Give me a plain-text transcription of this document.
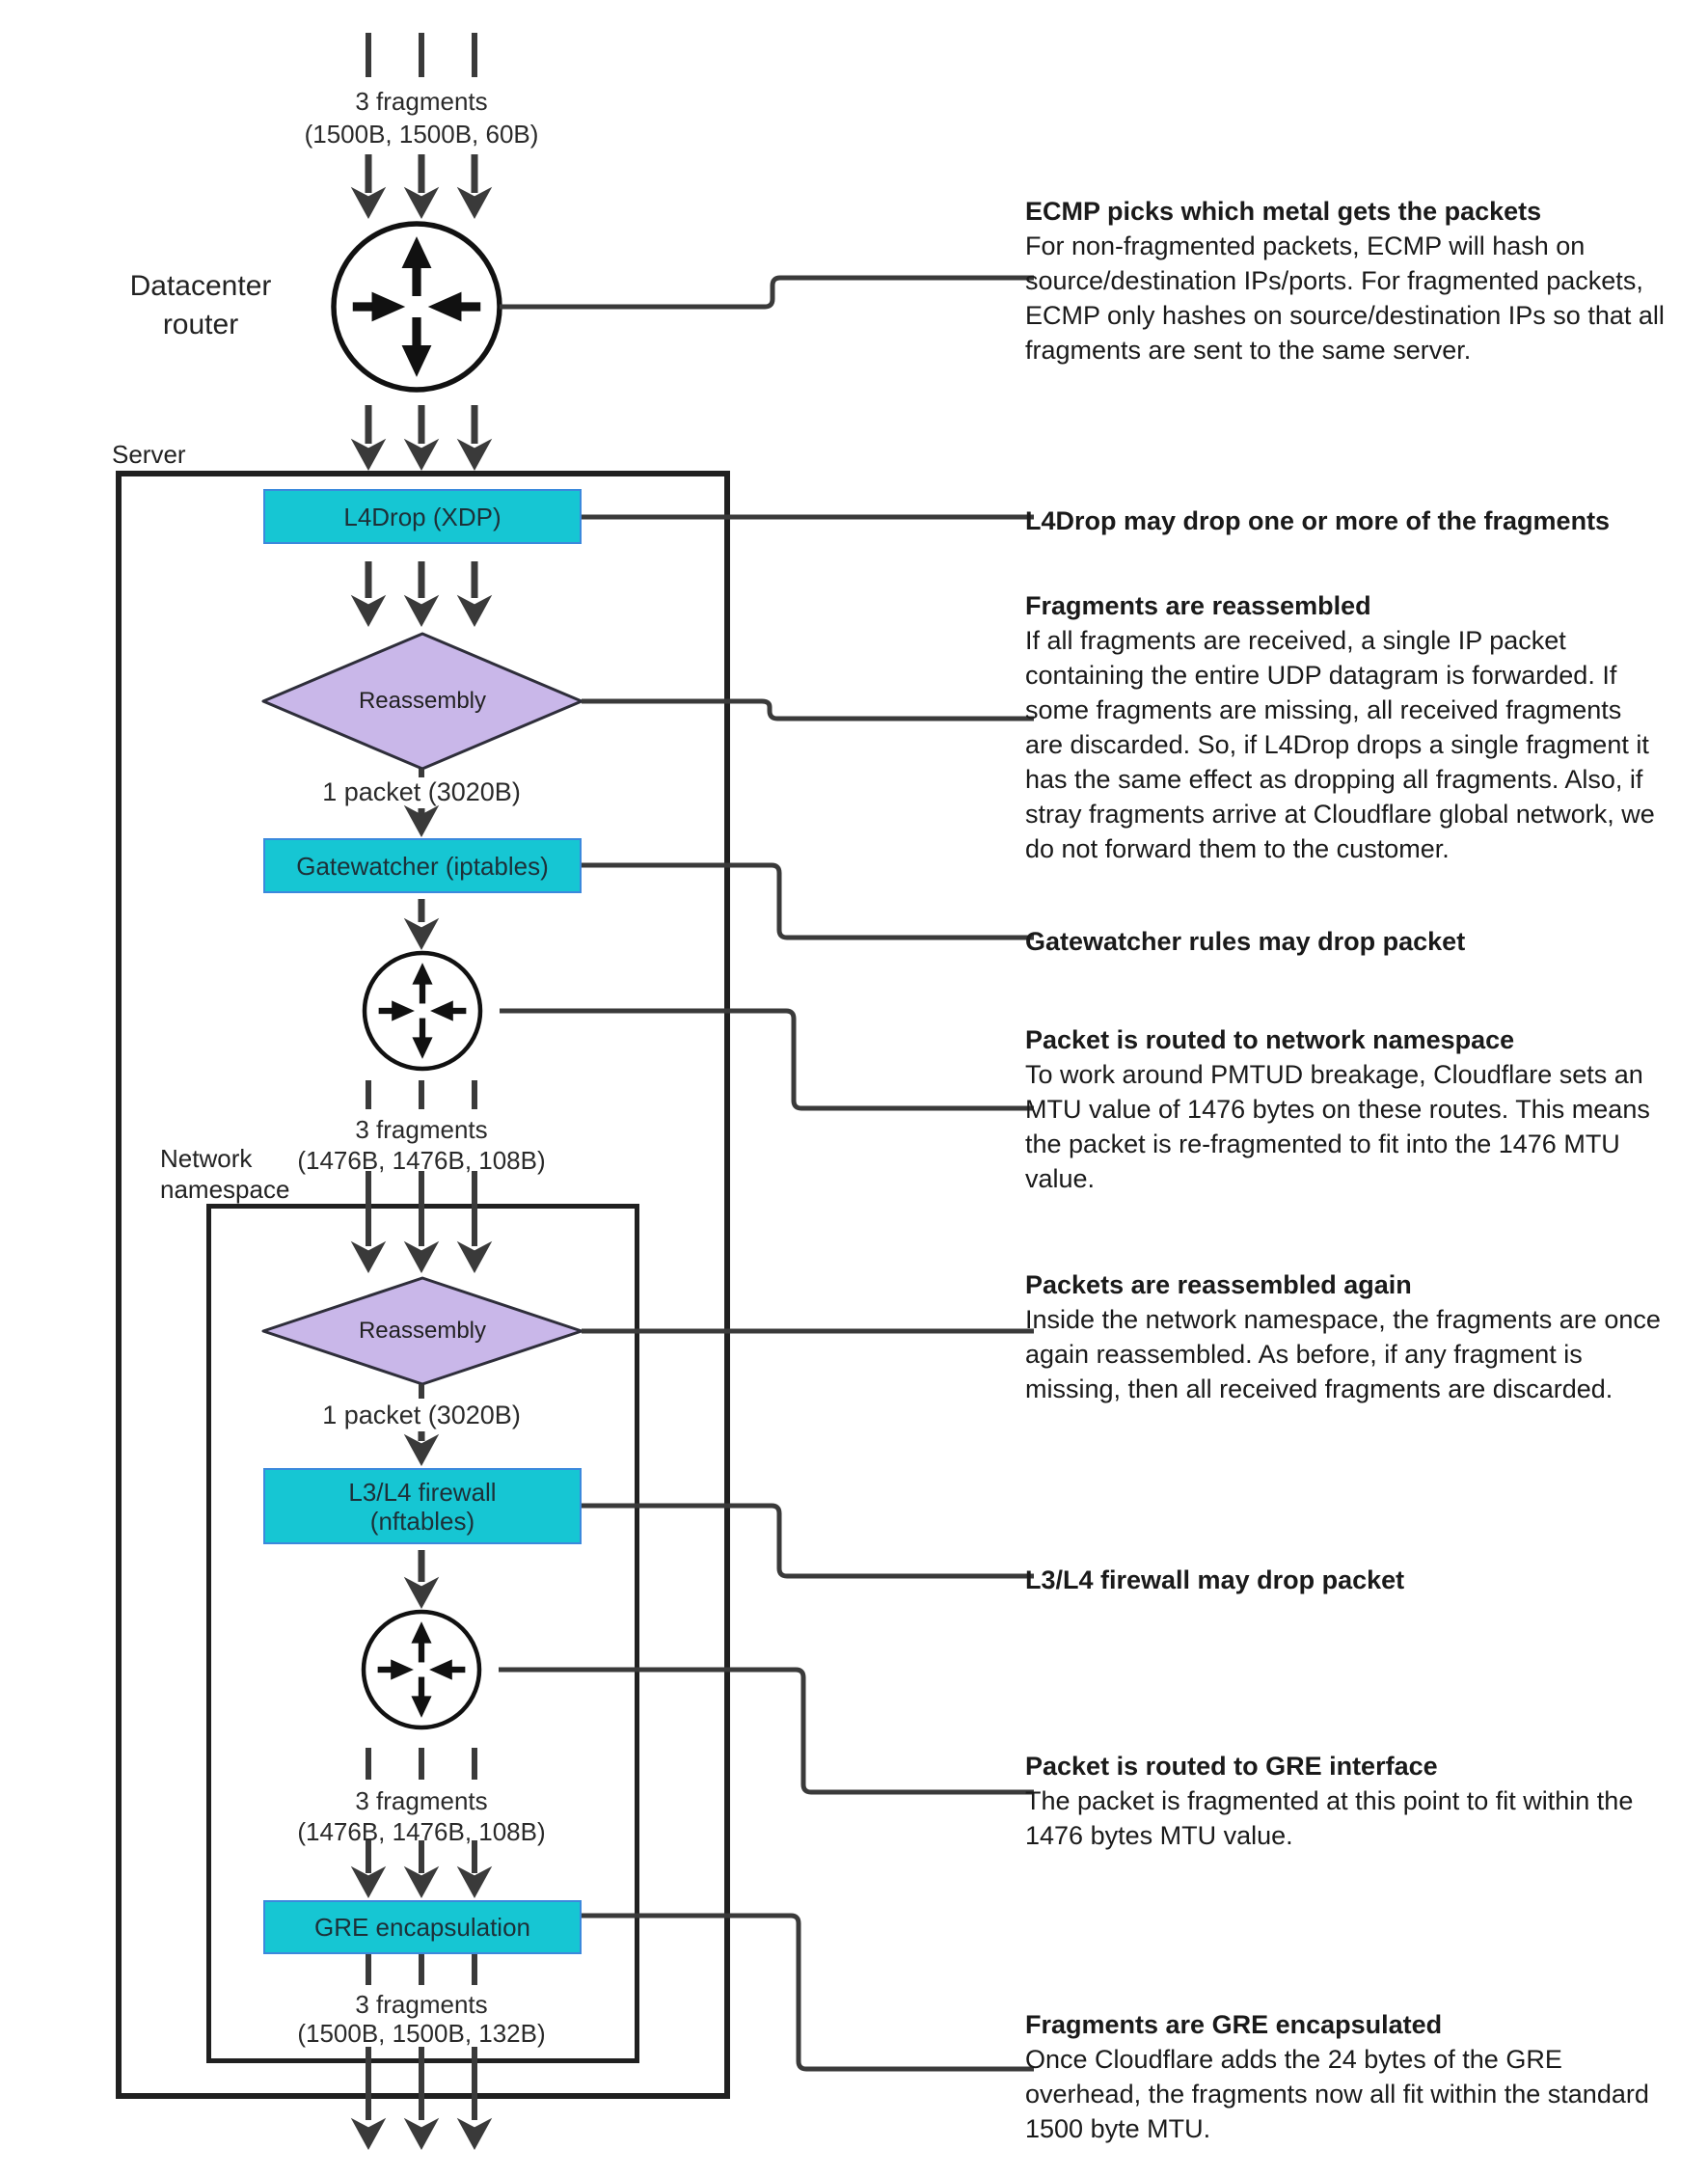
L4Drop (XDP)
Gatewatcher (iptables)
L3/L4 firewall
(nftables)
GRE encapsulation
3 fragments
(1500B, 1500B, 60B)
Datacenter
router
Server
Reassembly
1 packet (3020B)
3 fragments
(1476B, 1476B, 108B)
Network
namespace
Reassembly
1 packet (3020B)
3 fragments
(1476B, 1476B, 108B)
3 fragments
(1500B, 1500B, 132B)
ECMP picks which metal gets the packets
For non-fragmented packets, ECMP will hash on
source/destination IPs/ports. For fragmented packets,
ECMP only hashes on source/destination IPs so that all
fragments are sent to the same server.
L4Drop may drop one or more of the fragments
Fragments are reassembled
If all fragments are received, a single IP packet
containing the entire UDP datagram is forwarded. If
some fragments are missing, all received fragments
are discarded. So, if L4Drop drops a single fragment it
has the same effect as dropping all fragments. Also, if
stray fragments arrive at Cloudflare global network, we
do not forward them to the customer.
Gatewatcher rules may drop packet
Packet is routed to network namespace
To work around PMTUD breakage, Cloudflare sets an
MTU value of 1476 bytes on these routes. This means
the packet is re-fragmented to fit into the 1476 MTU
value.
Packets are reassembled again
Inside the network namespace, the fragments are once
again reassembled. As before, if any fragment is
missing, then all received fragments are discarded.
L3/L4 firewall may drop packet
Packet is routed to GRE interface
The packet is fragmented at this point to fit within the
1476 bytes MTU value.
Fragments are GRE encapsulated
Once Cloudflare adds the 24 bytes of the GRE
overhead, the fragments now all fit within the standard
1500 byte MTU.
